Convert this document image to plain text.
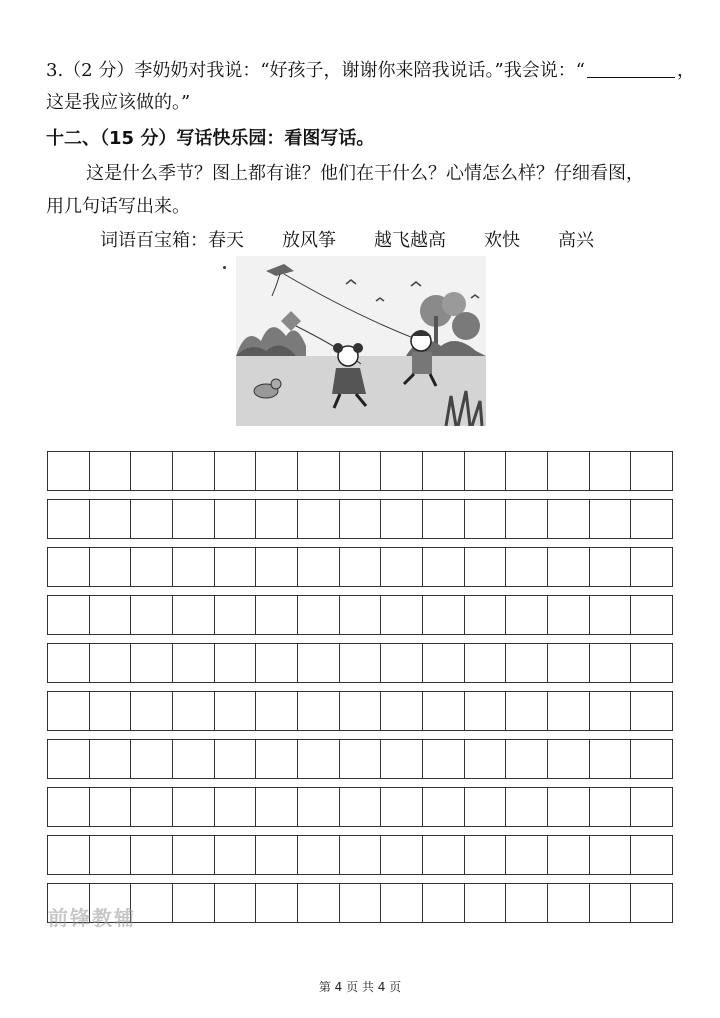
3.（2 分）李奶奶对我说：“好孩子，谢谢你来陪我说话。”我会说：“	，
这是我应该做的。”
十二、（15 分）写话快乐园：看图写话。
这是什么季节？图上都有谁？他们在干什么？心情怎么样？仔细看图，
用几句话写出来。
词语百宝箱：春天 放风筝 越飞越高 欢快 高兴
前锋教辅
第 4 页 共 4 页
